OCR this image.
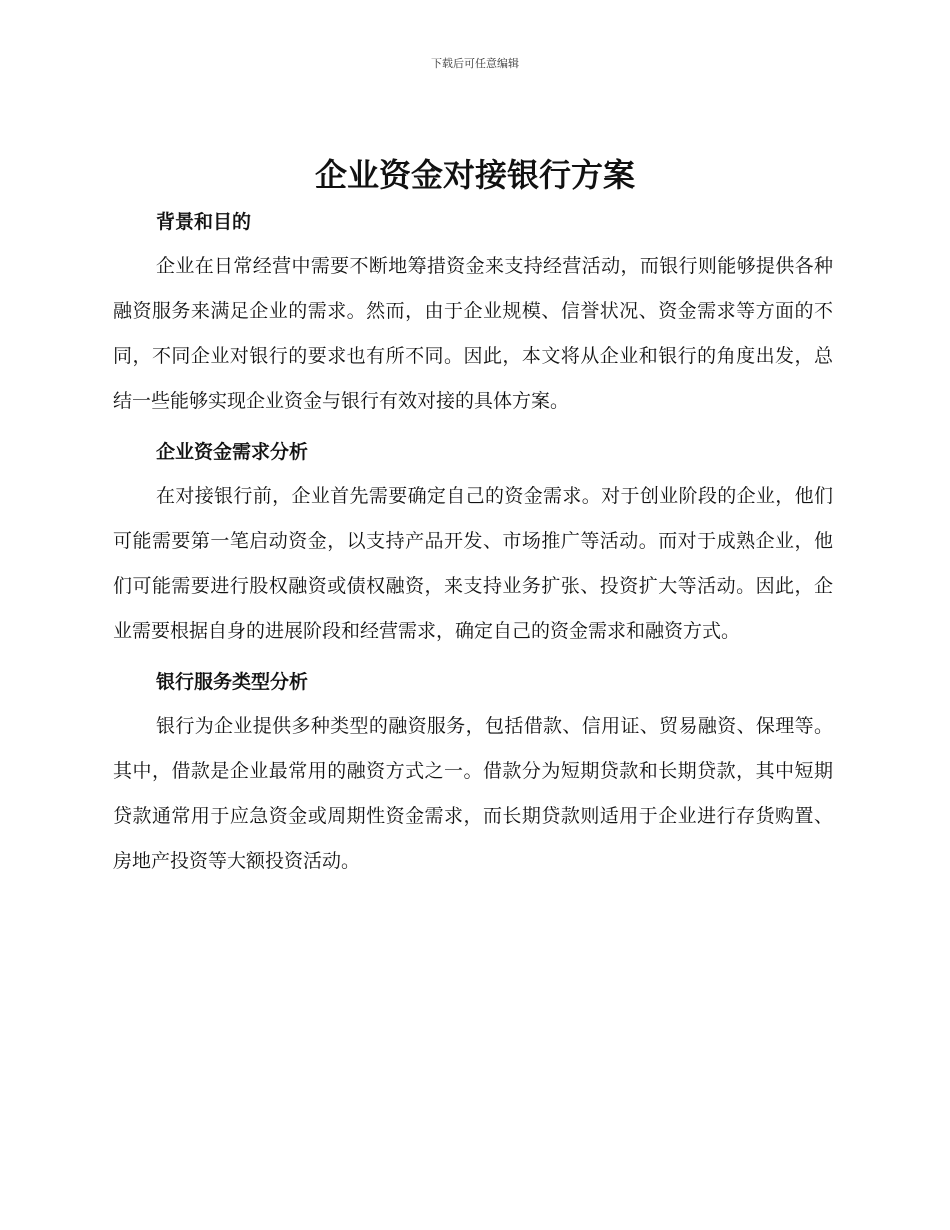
下载后可任意编辑
企业资金对接银行方案
背景和目的

企业在日常经营中需要不断地筹措资金来支持经营活动，而银行则能够提供各种融资服务来满足企业的需求。然而，由于企业规模、信誉状况、资金需求等方面的不同，不同企业对银行的要求也有所不同。因此，本文将从企业和银行的角度出发，总结一些能够实现企业资金与银行有效对接的具体方案。

企业资金需求分析

在对接银行前，企业首先需要确定自己的资金需求。对于创业阶段的企业，他们可能需要第一笔启动资金，以支持产品开发、市场推广等活动。而对于成熟企业，他们可能需要进行股权融资或债权融资，来支持业务扩张、投资扩大等活动。因此，企业需要根据自身的进展阶段和经营需求，确定自己的资金需求和融资方式。

银行服务类型分析

银行为企业提供多种类型的融资服务，包括借款、信用证、贸易融资、保理等。其中，借款是企业最常用的融资方式之一。借款分为短期贷款和长期贷款，其中短期贷款通常用于应急资金或周期性资金需求，而长期贷款则适用于企业进行存货购置、房地产投资等大额投资活动。
